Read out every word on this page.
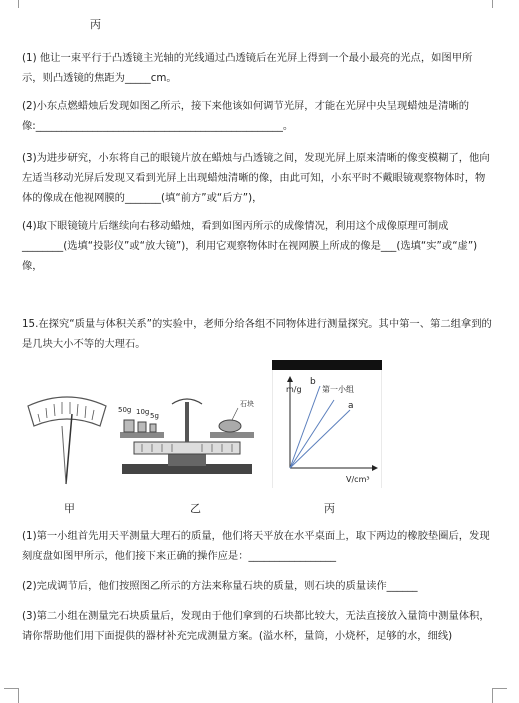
丙

(1) 他让一束平行于凸透镜主光轴的光线通过凸透镜后在光屏上得到一个最小最亮的光点，如图甲所示，则凸透镜的焦距为_____cm。

(2)小东点燃蜡烛后发现如图乙所示，接下来他该如何调节光屏，才能在光屏中央呈现蜡烛是清晰的像:________________________________________________。

(3)为进步研究，小东将自己的眼镜片放在蜡烛与凸透镜之间，发现光屏上原来清晰的像变模糊了，他向左适当移动光屏后发现又看到光屏上出现蜡烛清晰的像，由此可知，小东平时不戴眼镜观察物体时，物体的像成在他视网膜的_______(填“前方”或“后方”)，

(4)取下眼镜镜片后继续向右移动蜡烛，看到如图丙所示的成像情况，利用这个成像原理可制成________(选填“投影仪”或“放大镜”)，利用它观察物体时在视网膜上所成的像是___(选填“实”或“虚”)像，

15.在探究“质量与体积关系”的实验中，老师分给各组不同物体进行测量探究。其中第一、第二组拿到的是几块大小不等的大理石。

50g 10g 5g
石块
m/g
V/cm³
b
第一小组
a
甲	乙	丙

(1)第一小组首先用天平测量大理石的质量，他们将天平放在水平桌面上，取下两边的橡胶垫圈后，发现刻度盘如图甲所示，他们接下来正确的操作应是：_________________

(2)完成调节后，他们按照图乙所示的方法来称量石块的质量，则石块的质量读作______

(3)第二小组在测量完石块质量后，发现由于他们拿到的石块都比较大，无法直接放入量筒中测量体积，请你帮助他们用下面提供的器材补充完成测量方案。(溢水杯，量筒，小烧杯，足够的水，细线)
